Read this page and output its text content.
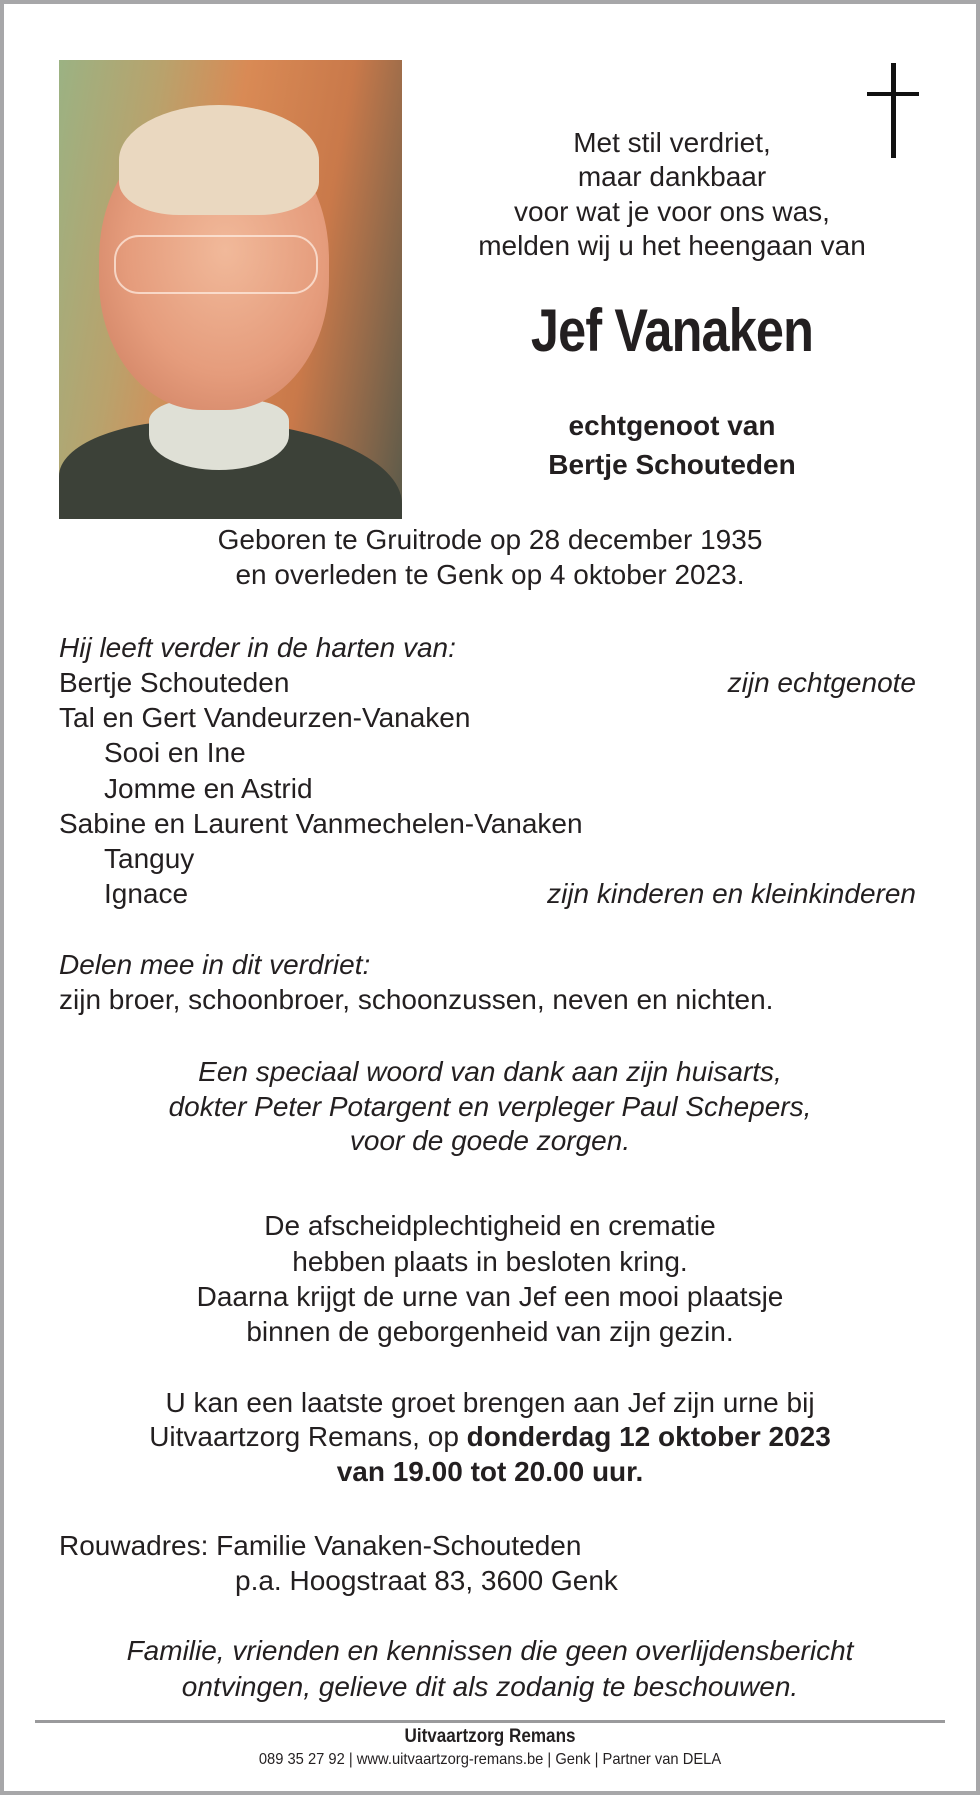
Met stil verdriet,
maar dankbaar
voor wat je voor ons was,
melden wij u het heengaan van
Jef Vanaken
echtgenoot van
Bertje Schouteden
Geboren te Gruitrode op 28 december 1935
en overleden te Genk op 4 oktober 2023.
Hij leeft verder in de harten van:
Bertje Schouteden	zijn echtgenote
Tal en Gert Vandeurzen-Vanaken
Sooi en Ine
Jomme en Astrid
Sabine en Laurent Vanmechelen-Vanaken
Tanguy
Ignace	zijn kinderen en kleinkinderen
Delen mee in dit verdriet:
zijn broer, schoonbroer, schoonzussen, neven en nichten.
Een speciaal woord van dank aan zijn huisarts,
dokter Peter Potargent en verpleger Paul Schepers,
voor de goede zorgen.
De afscheidplechtigheid en crematie
hebben plaats in besloten kring.
Daarna krijgt de urne van Jef een mooi plaatsje
binnen de geborgenheid van zijn gezin.
U kan een laatste groet brengen aan Jef zijn urne bij
Uitvaartzorg Remans, op donderdag 12 oktober 2023
van 19.00 tot 20.00 uur.
Rouwadres: Familie Vanaken-Schouteden
p.a. Hoogstraat 83, 3600 Genk
Familie, vrienden en kennissen die geen overlijdensbericht
ontvingen, gelieve dit als zodanig te beschouwen.
Uitvaartzorg Remans
089 35 27 92 | www.uitvaartzorg-remans.be | Genk | Partner van DELA
